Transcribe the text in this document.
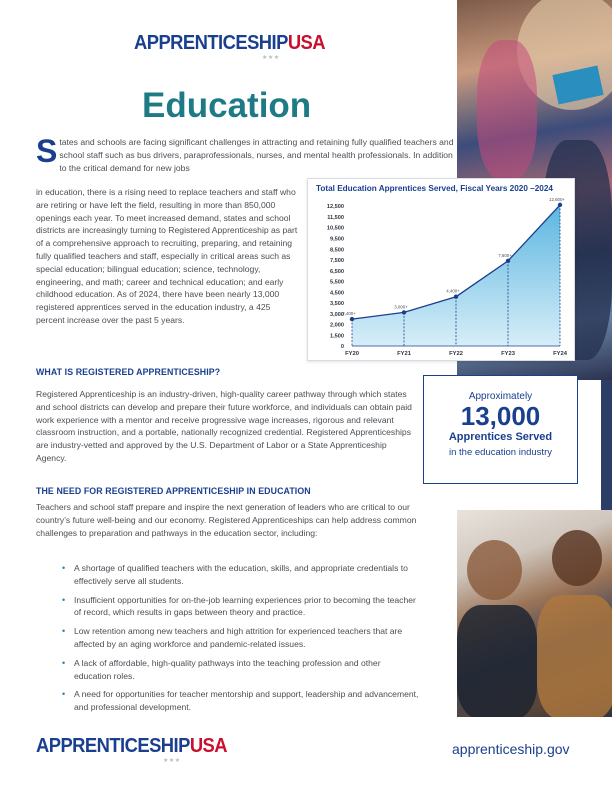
APPRENTICESHIPUSA
★★★
Education

States and schools are facing significant challenges in attracting and retaining fully qualified teachers and school staff such as bus drivers, paraprofessionals, nurses, and mental health professionals. In addition to the critical demand for new jobs

in education, there is a rising need to replace teachers and staff who are retiring or have left the field, resulting in more than 850,000 openings each year. To meet increased demand, states and school districts are increasingly turning to Registered Apprenticeship as part of a comprehensive approach to recruiting, preparing, and retaining fully qualified teachers and staff, especially in critical areas such as special education; bilingual education; science, technology, engineering, and math; career and technical education; and early childhood education. As of 2024, there have been nearly 13,000 registered apprentices served in the education industry, a 425 percent increase over the past 5 years.

Total Education Apprentices Served, Fiscal Years 2020 –2024
0
1,500
2,000
3,000
3,500
4,500
5,500
6,500
7,500
8,500
9,500
10,500
11,500
12,500
2,400+
3,000+
4,400+
7,600+
12,600+
FY20	FY21	FY22	FY23	FY24
WHAT IS REGISTERED APPRENTICESHIP?

Registered Apprenticeship is an industry-driven, high-quality career pathway through which states and school districts can develop and prepare their future workforce, and individuals can obtain paid work experience with a mentor and receive progressive wage increases, rigorous and relevant classroom instruction, and a portable, nationally recognized credential. Registered Apprenticeships are industry-vetted and approved by the U.S. Department of Labor or a State Apprenticeship Agency.

Approximately
13,000
Apprentices Served
in the education industry
THE NEED FOR REGISTERED APPRENTICESHIP IN EDUCATION

Teachers and school staff prepare and inspire the next generation of leaders who are critical to our country’s future well-being and our economy. Registered Apprenticeships can help address common challenges to preparation and pathways in the education sector, including:

• A shortage of qualified teachers with the education, skills, and appropriate credentials to effectively serve all students.
• Insufficient opportunities for on-the-job learning experiences prior to becoming the teacher of record, which results in gaps between theory and practice.
• Low retention among new teachers and high attrition for experienced teachers that are affected by an aging workforce and pandemic-related issues.
• A lack of affordable, high-quality pathways into the teaching profession and other education roles.
• A need for opportunities for teacher mentorship and support, leadership and advancement, and professional development.
APPRENTICESHIPUSA
★★★
apprenticeship.gov
